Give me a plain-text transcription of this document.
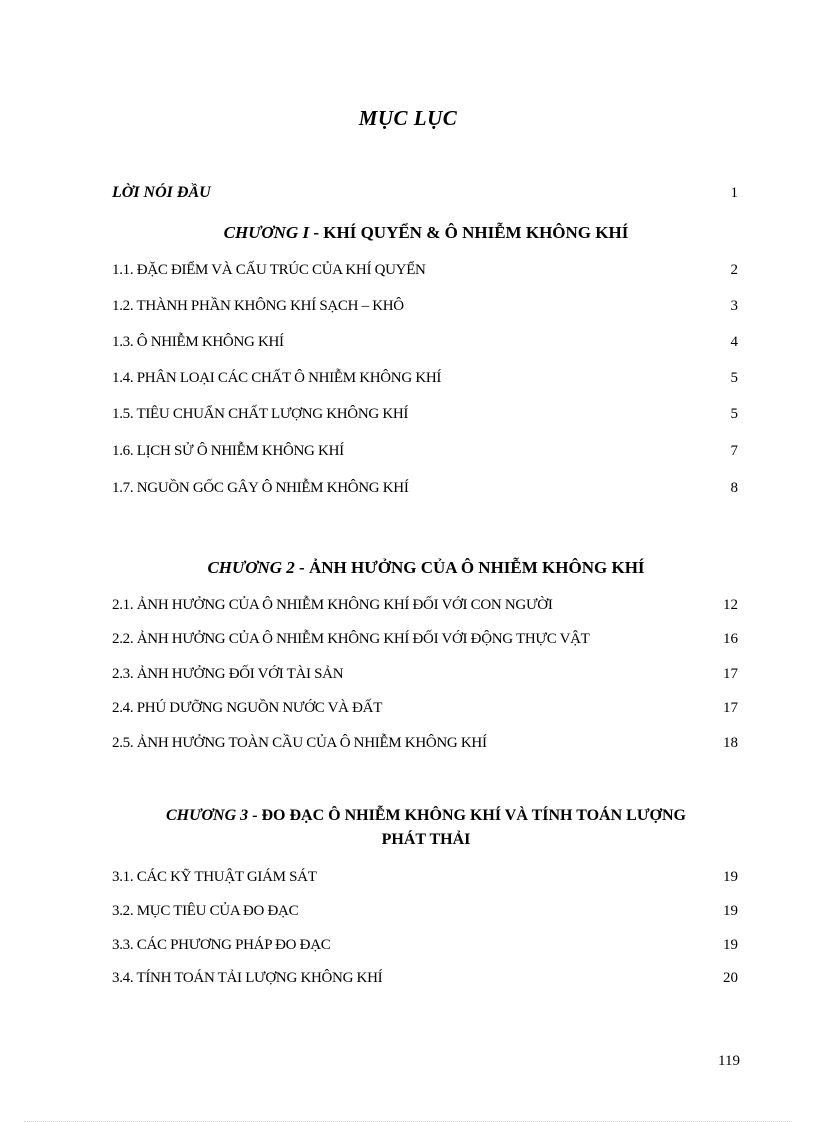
MỤC LỤC
LỜI NÓI ĐẦU	1
CHƯƠNG I - KHÍ QUYỂN & Ô NHIỄM KHÔNG KHÍ
1.1. ĐẶC ĐIỂM VÀ CẤU TRÚC CỦA KHÍ QUYỂN	2
1.2. THÀNH PHẦN KHÔNG KHÍ SẠCH – KHÔ	3
1.3. Ô NHIỄM KHÔNG KHÍ	4
1.4. PHÂN LOẠI CÁC CHẤT Ô NHIỄM KHÔNG KHÍ	5
1.5. TIÊU CHUẨN CHẤT LƯỢNG KHÔNG KHÍ	5
1.6. LỊCH SỬ Ô NHIỄM KHÔNG KHÍ	7
1.7. NGUỒN GỐC GÂY Ô NHIỄM KHÔNG KHÍ	8
CHƯƠNG 2 - ẢNH HƯỞNG CỦA Ô NHIỄM KHÔNG KHÍ
2.1. ẢNH HƯỞNG CỦA Ô NHIỄM KHÔNG KHÍ ĐỐI VỚI CON NGƯỜI	12
2.2. ẢNH HƯỞNG CỦA Ô NHIỄM KHÔNG KHÍ ĐỐI VỚI ĐỘNG THỰC VẬT	16
2.3. ẢNH HƯỞNG ĐỐI VỚI TÀI SẢN	17
2.4. PHÚ DƯỠNG NGUỒN NƯỚC VÀ ĐẤT	17
2.5. ẢNH HƯỞNG TOÀN CẦU CỦA Ô NHIỄM KHÔNG KHÍ	18
CHƯƠNG 3 - ĐO ĐẠC Ô NHIỄM KHÔNG KHÍ VÀ TÍNH TOÁN LƯỢNG
PHÁT THẢI
3.1. CÁC KỸ THUẬT GIÁM SÁT	19
3.2. MỤC TIÊU CỦA ĐO ĐẠC	19
3.3. CÁC PHƯƠNG PHÁP ĐO ĐẠC	19
3.4. TÍNH TOÁN TẢI LƯỢNG KHÔNG KHÍ	20
119
